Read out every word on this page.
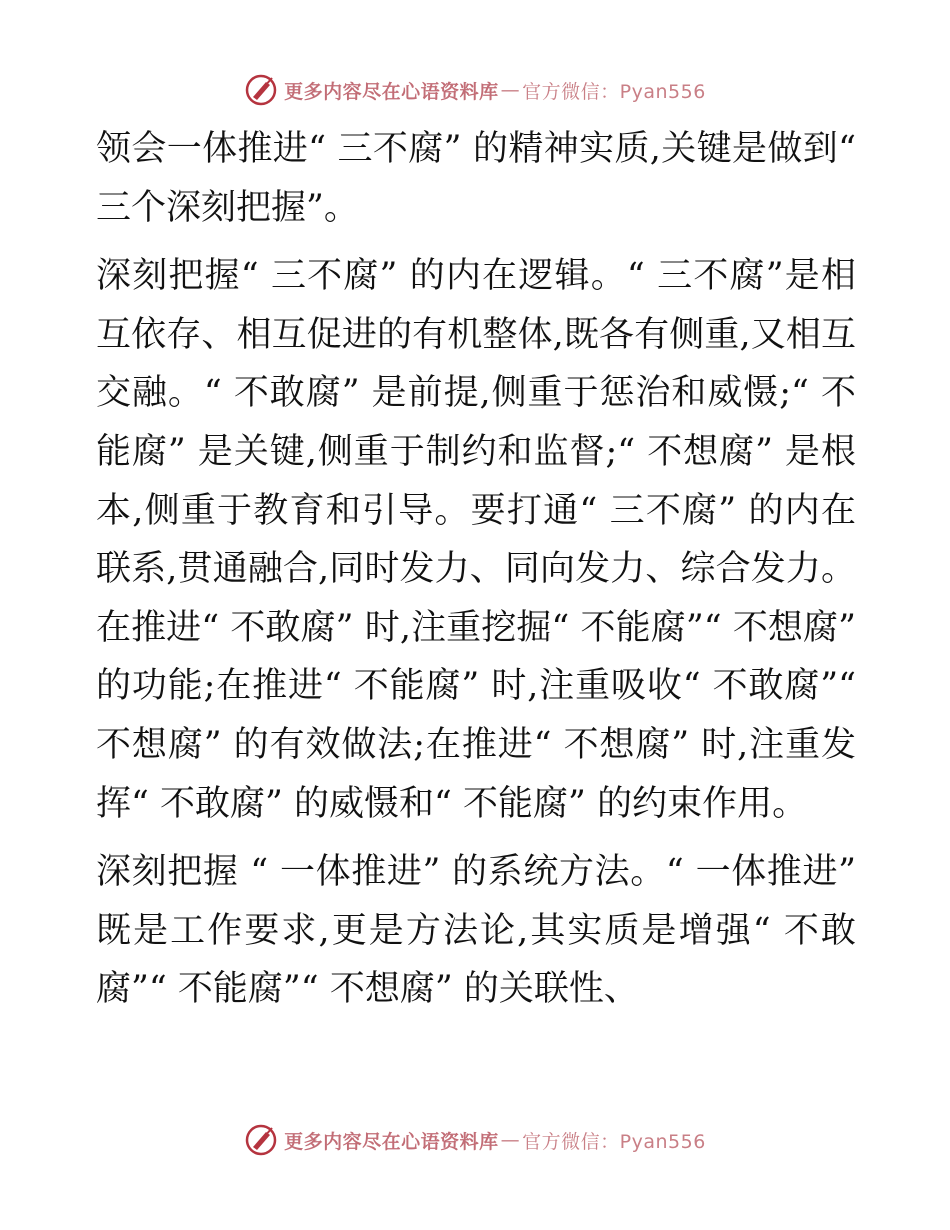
更多内容尽在心语资料库 — 官方微信：Pyan556

领会一体推进“ 三不腐” 的精神实质,关键是做到“ 三个深刻把握”。

深刻把握“ 三不腐” 的内在逻辑。“ 三不腐”是相互依存、相互促进的有机整体,既各有侧重,又相互交融。“ 不敢腐” 是前提,侧重于惩治和威慑;“ 不能腐” 是关键,侧重于制约和监督;“ 不想腐” 是根本,侧重于教育和引导。要打通“ 三不腐” 的内在联系,贯通融合,同时发力、同向发力、综合发力。在推进“ 不敢腐” 时,注重挖掘“ 不能腐”“ 不想腐” 的功能;在推进“ 不能腐” 时,注重吸收“ 不敢腐”“ 不想腐” 的有效做法;在推进“ 不想腐” 时,注重发挥“ 不敢腐” 的威慑和“ 不能腐” 的约束作用。

深刻把握 “ 一体推进” 的系统方法。“ 一体推进” 既是工作要求,更是方法论,其实质是增强“ 不敢腐”“ 不能腐”“ 不想腐” 的关联性、

更多内容尽在心语资料库 — 官方微信：Pyan556
